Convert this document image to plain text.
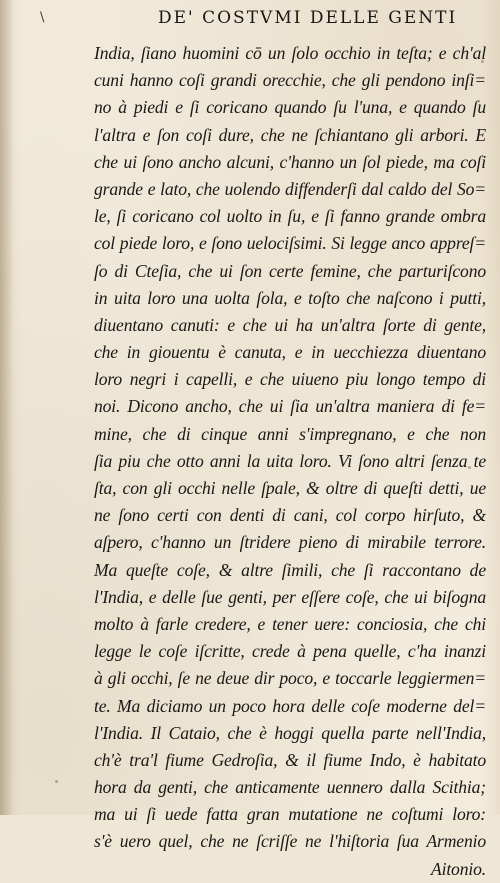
\	DE' COSTVMI DELLE GENTI
India, ſiano huomini cō un ſolo occhio in teſta; e ch'al
cuni hanno coſi grandi orecchie, che gli pendono inſi=
no à piedi e ſi coricano quando ſu l'una, e quando ſu
l'altra e ſon coſi dure, che ne ſchiantano gli arbori. E
che ui ſono ancho alcuni, c'hanno un ſol piede, ma coſi
grande e lato, che uolendo diffenderſi dal caldo del So=
le, ſi coricano col uolto in ſu, e ſi fanno grande ombra
col piede loro, e ſono uelociſsimi. Si legge anco appreſ=
ſo di Cteſia, che ui ſon certe femine, che parturiſcono
in uita loro una uolta ſola, e toſto che naſcono i putti,
diuentano canuti: e che ui ha un'altra ſorte di gente,
che in giouentu è canuta, e in uecchiezza diuentano
loro negri i capelli, e che uiueno piu longo tempo di
noi. Dicono ancho, che ui ſia un'altra maniera di fe=
mine, che di cinque anni s'impregnano, e che non
ſia piu che otto anni la uita loro. Vi ſono altri ſenza te
ſta, con gli occhi nelle ſpale, & oltre di queſti detti, ue
ne ſono certi con denti di cani, col corpo hirſuto, &
aſpero, c'hanno un ſtridere pieno di mirabile terrore.
Ma queſte coſe, & altre ſimili, che ſi raccontano de
l'India, e delle ſue genti, per eſſere coſe, che ui biſogna
molto à farle credere, e tener uere: conciosia, che chi
legge le coſe iſcritte, crede à pena quelle, c'ha inanzi
à gli occhi, ſe ne deue dir poco, e toccarle leggiermen=
te. Ma diciamo un poco hora delle coſe moderne del=
l'India. Il Cataio, che è hoggi quella parte nell'India,
ch'è tra'l fiume Gedroſia, & il fiume Indo, è habitato
hora da genti, che anticamente uennero dalla Scithia;
ma ui ſi uede fatta gran mutatione ne coſtumi loro:
s'è uero quel, che ne ſcriſſe ne l'hiſtoria ſua Armenio
Aitonio.
